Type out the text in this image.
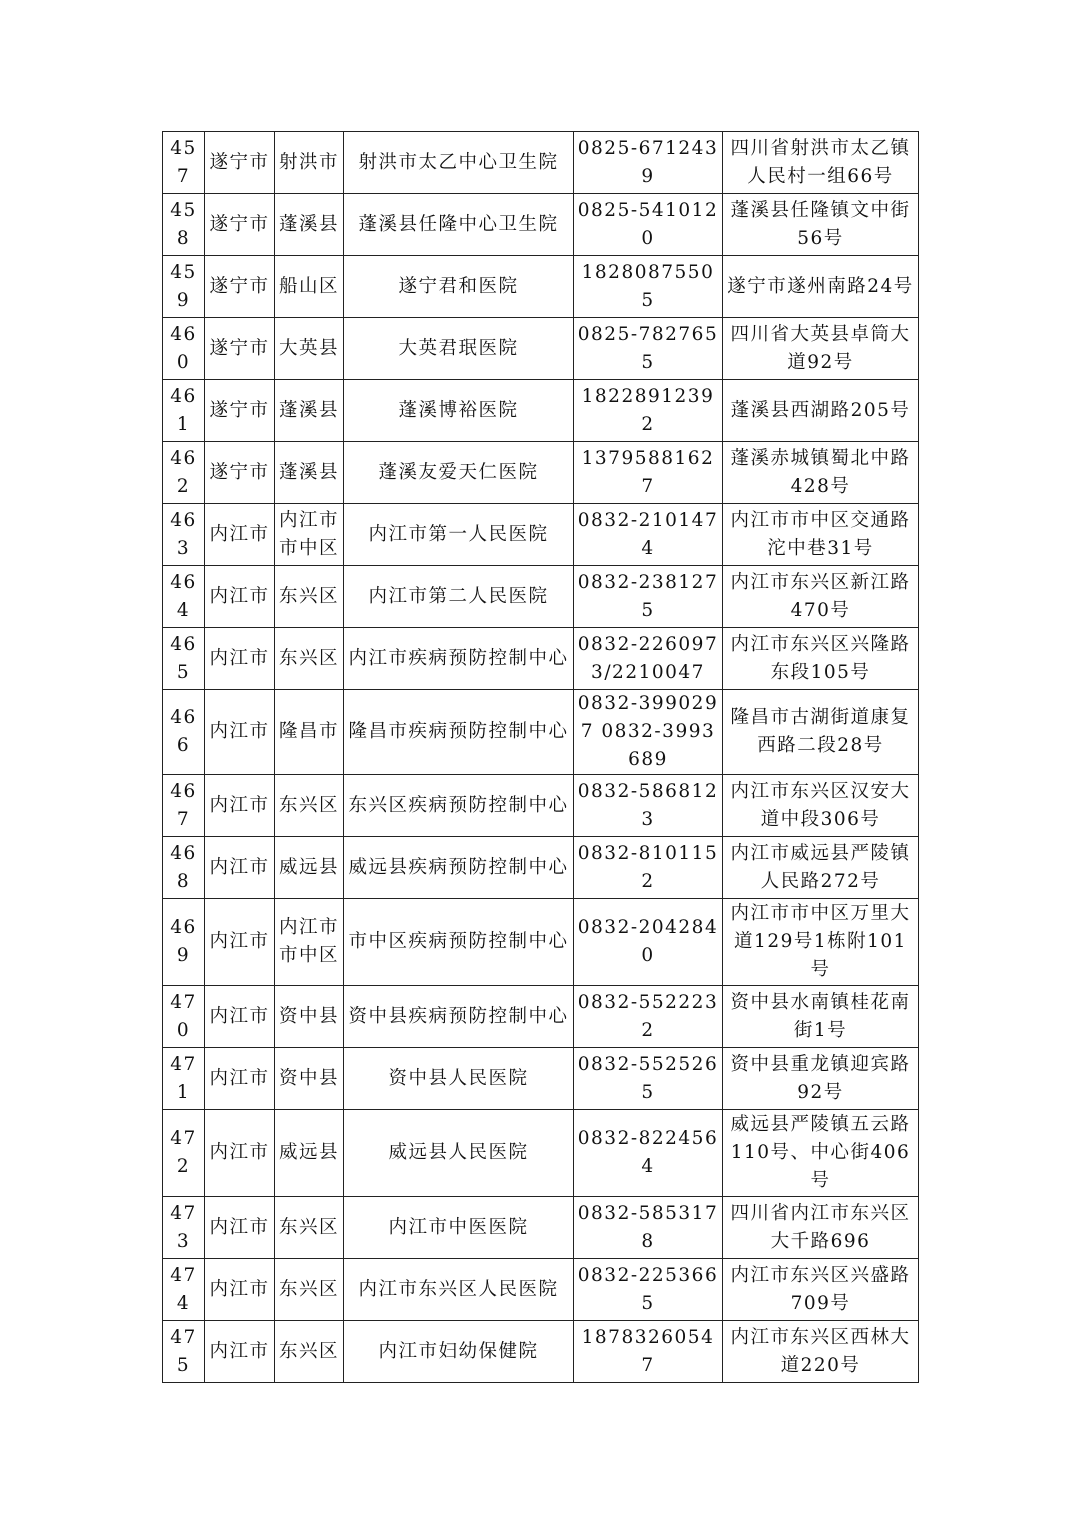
457	遂宁市	射洪市	射洪市太乙中心卫生院	0825-6712439	四川省射洪市太乙镇人民村一组66号
458	遂宁市	蓬溪县	蓬溪县任隆中心卫生院	0825-5410120	蓬溪县任隆镇文中街56号
459	遂宁市	船山区	遂宁君和医院	18280875505	遂宁市遂州南路24号
460	遂宁市	大英县	大英君珉医院	0825-7827655	四川省大英县卓筒大道92号
461	遂宁市	蓬溪县	蓬溪博裕医院	18228912392	蓬溪县西湖路205号
462	遂宁市	蓬溪县	蓬溪友爱天仁医院	13795881627	蓬溪赤城镇蜀北中路428号
463	内江市	内江市市中区	内江市第一人民医院	0832-2101474	内江市市中区交通路沱中巷31号
464	内江市	东兴区	内江市第二人民医院	0832-2381275	内江市东兴区新江路470号
465	内江市	东兴区	内江市疾病预防控制中心	0832-2260973/2210047	内江市东兴区兴隆路东段105号
466	内江市	隆昌市	隆昌市疾病预防控制中心	0832-3990297 0832-3993689	隆昌市古湖街道康复西路二段28号
467	内江市	东兴区	东兴区疾病预防控制中心	0832-5868123	内江市东兴区汉安大道中段306号
468	内江市	威远县	威远县疾病预防控制中心	0832-8101152	内江市威远县严陵镇人民路272号
469	内江市	内江市市中区	市中区疾病预防控制中心	0832-2042840	内江市市中区万里大道129号1栋附101号
470	内江市	资中县	资中县疾病预防控制中心	0832-5522232	资中县水南镇桂花南街1号
471	内江市	资中县	资中县人民医院	0832-5525265	资中县重龙镇迎宾路92号
472	内江市	威远县	威远县人民医院	0832-8224564	威远县严陵镇五云路110号、中心街406号
473	内江市	东兴区	内江市中医医院	0832-5853178	四川省内江市东兴区大千路696
474	内江市	东兴区	内江市东兴区人民医院	0832-2253665	内江市东兴区兴盛路709号
475	内江市	东兴区	内江市妇幼保健院	18783260547	内江市东兴区西林大道220号
